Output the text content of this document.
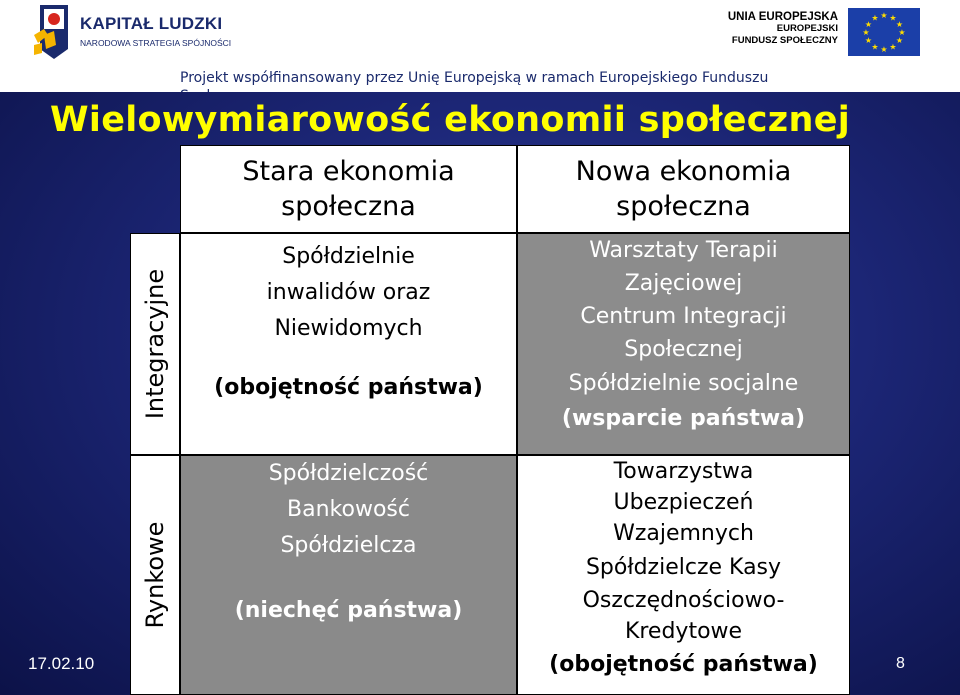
KAPITAŁ LUDZKI
NARODOWA STRATEGIA SPÓJNOŚCI
UNIA EUROPEJSKA
EUROPEJSKI
FUNDUSZ SPOŁECZNY
★ ★
★
★
★
★
★
★
★
★
★
★
Projekt współfinansowany przez Unię Europejską w ramach Europejskiego Funduszu
Wielowymiarowość ekonomii społecznej
Stara ekonomia społeczna
Nowa ekonomia społeczna
Integracyjne
Rynkowe
Spółdzielnie
inwalidów oraz
Niewidomych
(obojętność państwa)
Warsztaty Terapii
Zajęciowej
Centrum Integracji
Społecznej
Spółdzielnie socjalne
(wsparcie państwa)
Spółdzielczość
Bankowość
Spółdzielcza
(niechęć państwa)
Towarzystwa
Ubezpieczeń
Wzajemnych
Spółdzielcze Kasy
Oszczędnościowo-
Kredytowe
(obojętność państwa)
17.02.10	8
